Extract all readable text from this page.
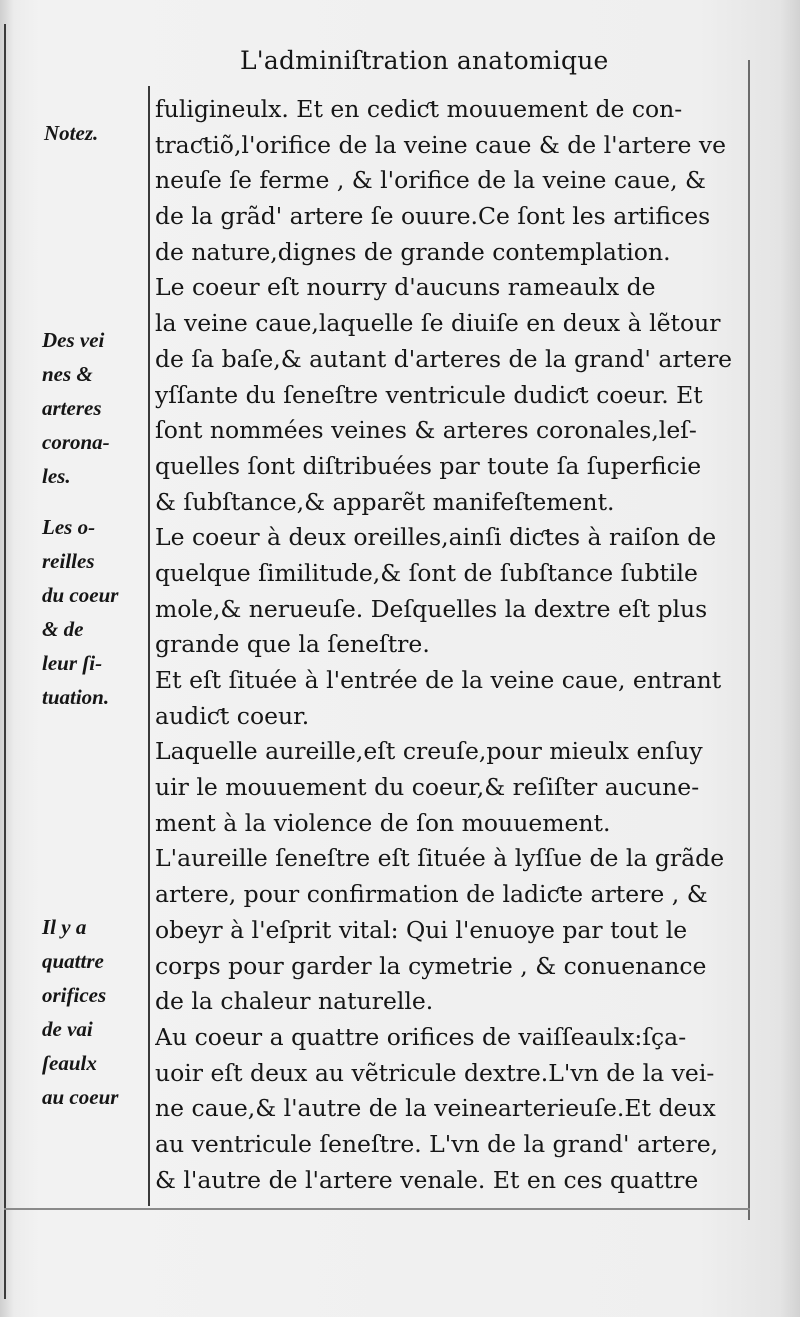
L'adminiſtration anatomique
fuligineulx. Et en cediƈt mouuement de con-
traƈtiõ,l'orifice de la veine caue & de l'artere ve
neuſe ſe ferme , & l'orifice de la veine caue, &
de la grãd' artere ſe ouure.Ce ſont les artifices
de nature,dignes de grande contemplation.
Le coeur eſt nourry d'aucuns rameaulx de
la veine caue,laquelle ſe diuiſe en deux à lẽtour
de ſa baſe,& autant d'arteres de la grand' artere
yſſante du ſeneſtre ventricule dudiƈt coeur. Et
ſont nommées veines & arteres coronales,leſ-
quelles ſont diſtribuées par toute ſa ſuperficie
& ſubſtance,& apparẽt manifeſtement.
Le coeur à deux oreilles,ainſi diƈtes à raiſon de
quelque ſimilitude,& ſont de ſubſtance ſubtile
mole,& nerueuſe. Deſquelles la dextre eſt plus
grande que la ſeneſtre.
Et eſt ſituée à l'entrée de la veine caue, entrant
audiƈt coeur.
Laquelle aureille,eſt creuſe,pour mieulx enſuy
uir le mouuement du coeur,& reſiſter aucune-
ment à la violence de ſon mouuement.
L'aureille ſeneſtre eſt ſituée à lyſſue de la grãde
artere, pour confirmation de ladiƈte artere , &
obeyr à l'eſprit vital: Qui l'enuoye par tout le
corps pour garder la cymetrie , & conuenance
de la chaleur naturelle.
Au coeur a quattre orifices de vaiſſeaulx:ſça-
uoir eſt deux au vẽtricule dextre.L'vn de la vei-
ne caue,& l'autre de la veinearterieuſe.Et deux
au ventricule ſeneſtre. L'vn de la grand' artere,
& l'autre de l'artere venale. Et en ces quattre
Notez.
Des vei
nes &
arteres
corona-
les.
Les o-
reilles
du coeur
& de
leur ſi-
tuation.
Il y a
quattre
orifices
de vai
ſeaulx
au coeur
